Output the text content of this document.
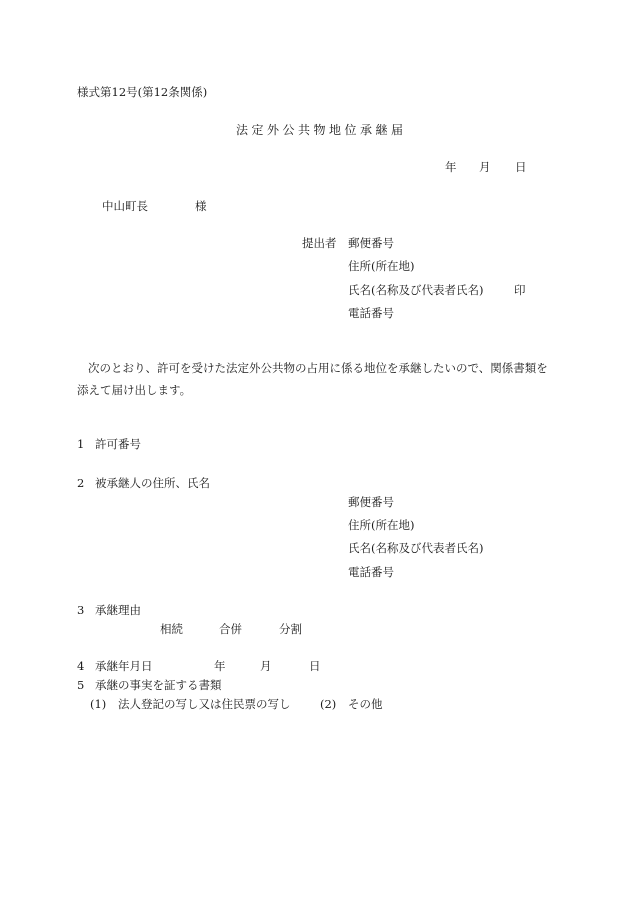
様式第12号(第12条関係)
法定外公共物地位承継届
年 月 日
中山町長	様
提出者 郵便番号
住所(所在地)
氏名(名称及び代表者氏名)	印
電話番号
次のとおり、許可を受けた法定外公共物の占用に係る地位を承継したいので、関係書類を添えて届け出します。
1 許可番号
2 被承継人の住所、氏名
郵便番号
住所(所在地)
氏名(名称及び代表者氏名)
電話番号
3 承継理由
相続	合併	分割
4 承継年月日	年	月	日
5 承継の事実を証する書類
(1) 法人登記の写し又は住民票の写し	(2) その他
